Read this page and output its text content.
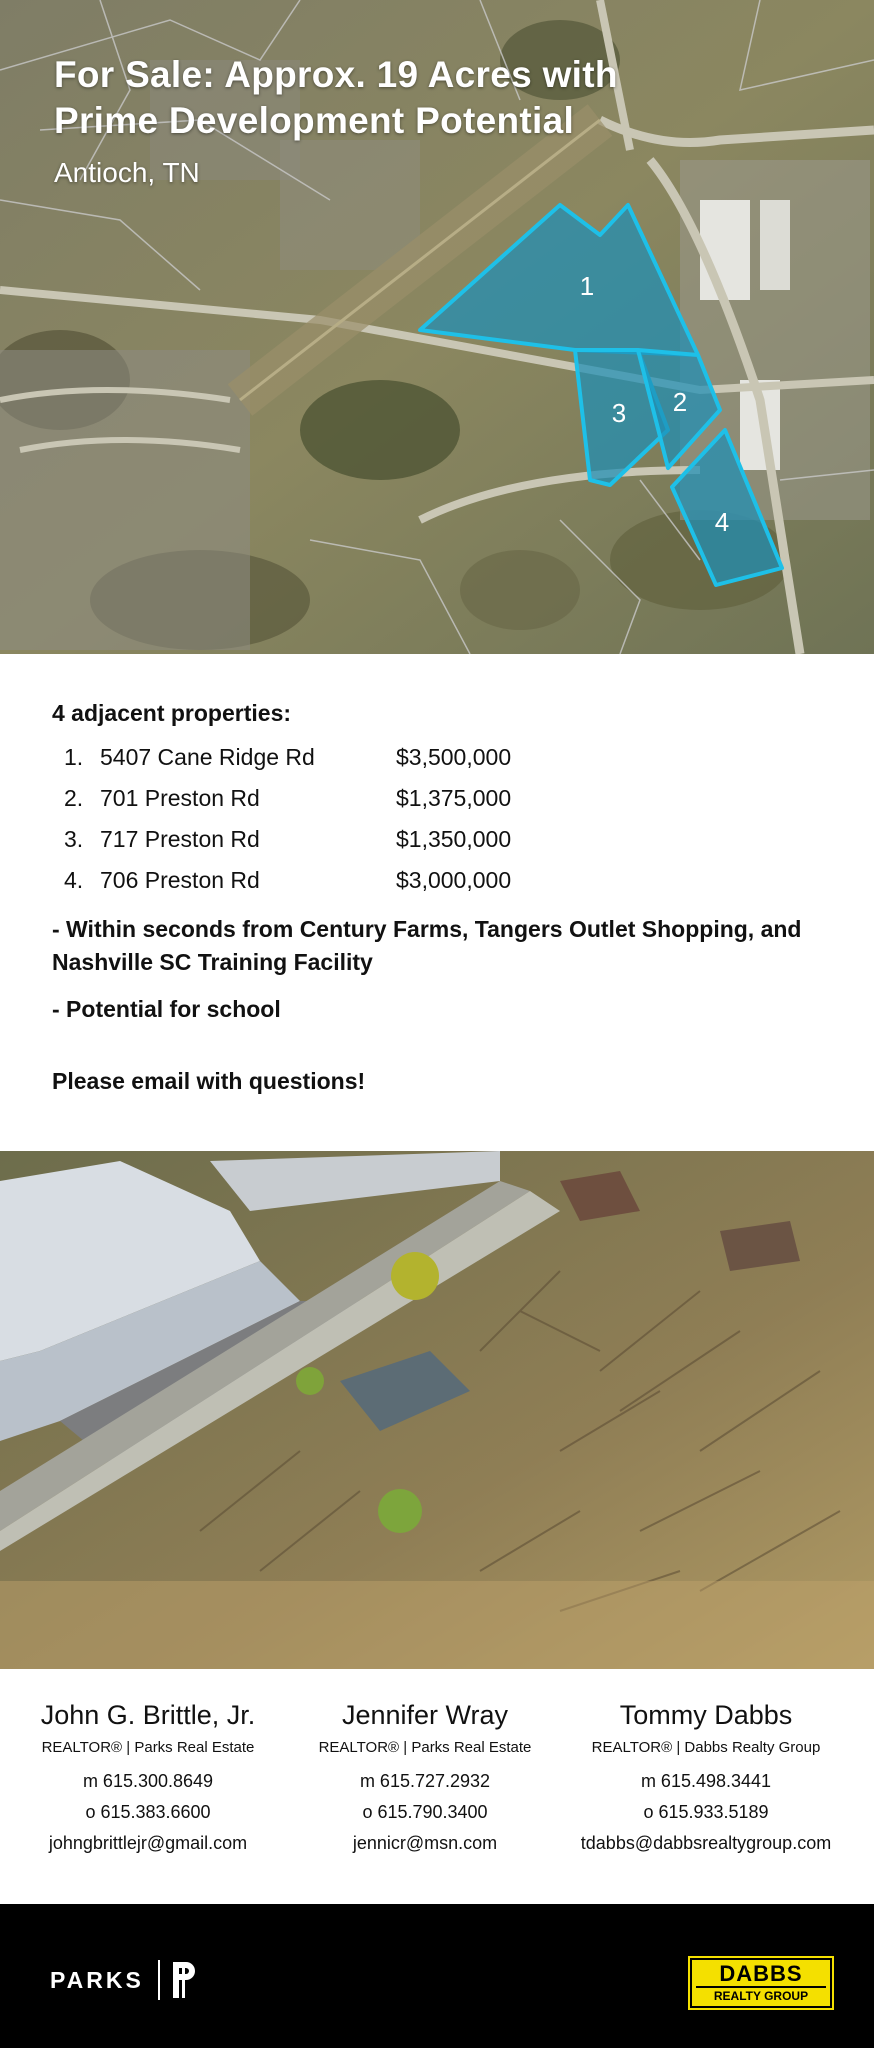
1
2
3
4
For Sale: Approx. 19 Acres with
Prime Development Potential
Antioch, TN

4 adjacent properties:

1. 5407 Cane Ridge Rd	$3,500,000
2. 701 Preston Rd	$1,375,000
3. 717 Preston Rd	$1,350,000
4. 706 Preston Rd	$3,000,000

- Within seconds from Century Farms, Tangers Outlet Shopping, and Nashville SC Training Facility

- Potential for school

Please email with questions!

John G. Brittle, Jr.
REALTOR® | Parks Real Estate
m 615.300.8649
o 615.383.6600
johngbrittlejr@gmail.com
Jennifer Wray
REALTOR® | Parks Real Estate
m 615.727.2932
o 615.790.3400
jennicr@msn.com
Tommy Dabbs
REALTOR® | Dabbs Realty Group
m 615.498.3441
o 615.933.5189
tdabbs@dabbsrealtygroup.com
PARKS	DABBS
REALTY GROUP
